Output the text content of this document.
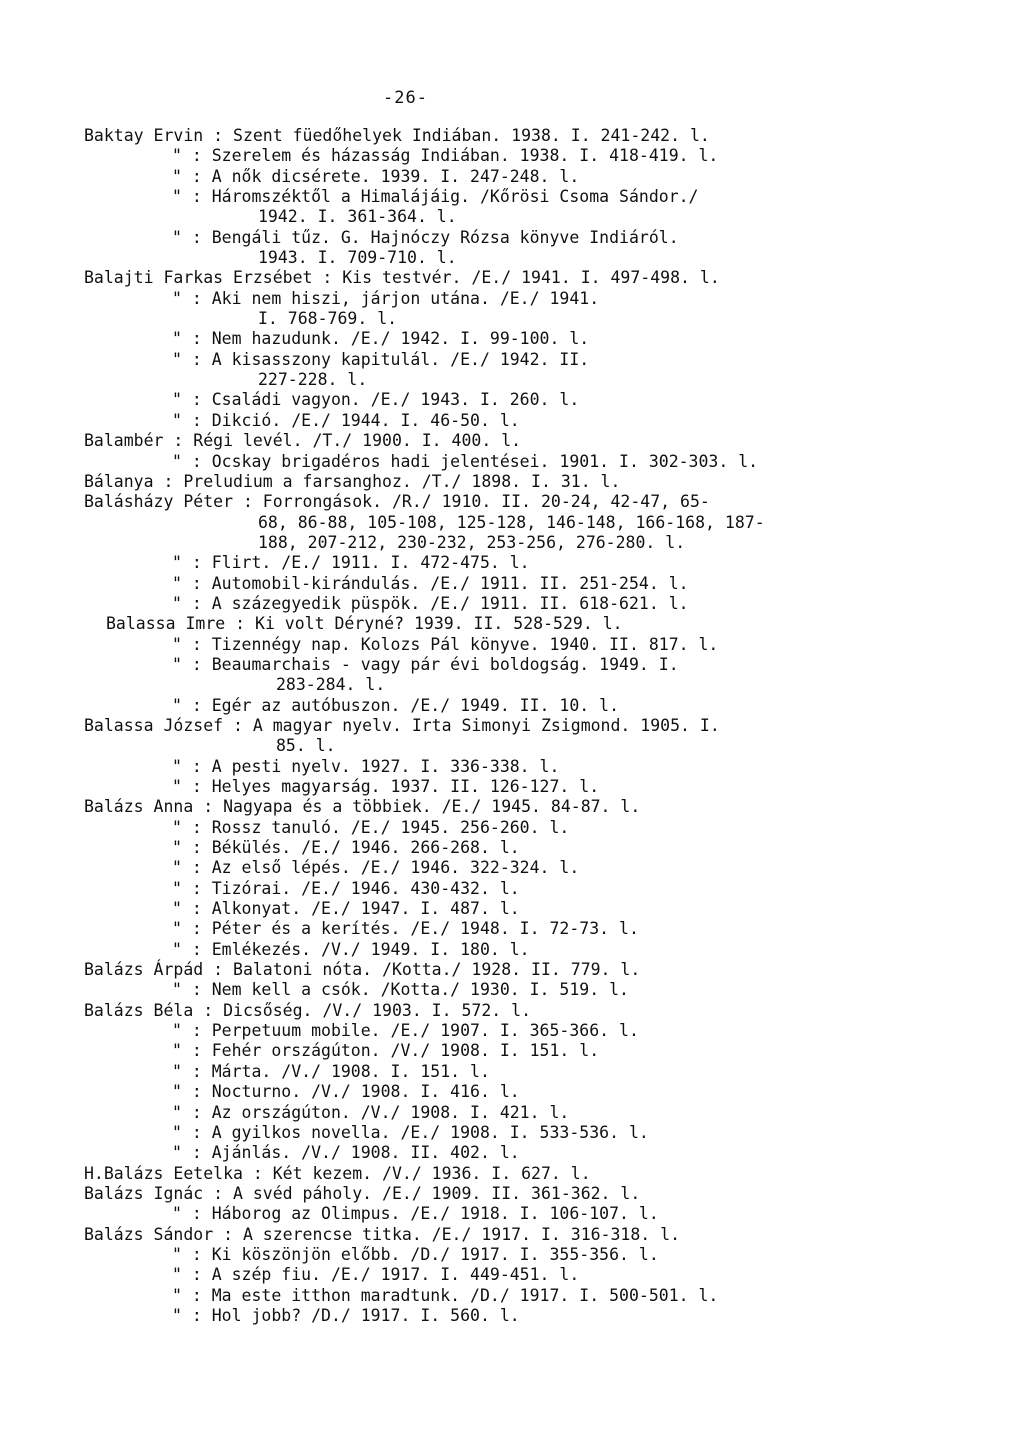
-26-
Baktay Ervin : Szent füedőhelyek Indiában. 1938. I. 241-242. l.
" : Szerelem és házasság Indiában. 1938. I. 418-419. l.
" : A nők dicsérete. 1939. I. 247-248. l.
" : Háromszéktől a Himalájáig. /Kőrösi Csoma Sándor./
1942. I. 361-364. l.
" : Bengáli tűz. G. Hajnóczy Rózsa könyve Indiáról.
1943. I. 709-710. l.
Balajti Farkas Erzsébet : Kis testvér. /E./ 1941. I. 497-498. l.
" : Aki nem hiszi, járjon utána. /E./ 1941.
I. 768-769. l.
" : Nem hazudunk. /E./ 1942. I. 99-100. l.
" : A kisasszony kapitulál. /E./ 1942. II.
227-228. l.
" : Családi vagyon. /E./ 1943. I. 260. l.
" : Dikció. /E./ 1944. I. 46-50. l.
Balambér : Régi levél. /T./ 1900. I. 400. l.
" : Ocskay brigadéros hadi jelentései. 1901. I. 302-303. l.
Bálanya : Preludium a farsanghoz. /T./ 1898. I. 31. l.
Balásházy Péter : Forrongások. /R./ 1910. II. 20-24, 42-47, 65-
68, 86-88, 105-108, 125-128, 146-148, 166-168, 187-
188, 207-212, 230-232, 253-256, 276-280. l.
" : Flirt. /E./ 1911. I. 472-475. l.
" : Automobil-kirándulás. /E./ 1911. II. 251-254. l.
" : A százegyedik püspök. /E./ 1911. II. 618-621. l.
Balassa Imre : Ki volt Déryné? 1939. II. 528-529. l.
" : Tizennégy nap. Kolozs Pál könyve. 1940. II. 817. l.
" : Beaumarchais - vagy pár évi boldogság. 1949. I.
283-284. l.
" : Egér az autóbuszon. /E./ 1949. II. 10. l.
Balassa József : A magyar nyelv. Irta Simonyi Zsigmond. 1905. I.
85. l.
" : A pesti nyelv. 1927. I. 336-338. l.
" : Helyes magyarság. 1937. II. 126-127. l.
Balázs Anna : Nagyapa és a többiek. /E./ 1945. 84-87. l.
" : Rossz tanuló. /E./ 1945. 256-260. l.
" : Békülés. /E./ 1946. 266-268. l.
" : Az első lépés. /E./ 1946. 322-324. l.
" : Tizórai. /E./ 1946. 430-432. l.
" : Alkonyat. /E./ 1947. I. 487. l.
" : Péter és a kerítés. /E./ 1948. I. 72-73. l.
" : Emlékezés. /V./ 1949. I. 180. l.
Balázs Árpád : Balatoni nóta. /Kotta./ 1928. II. 779. l.
" : Nem kell a csók. /Kotta./ 1930. I. 519. l.
Balázs Béla : Dicsőség. /V./ 1903. I. 572. l.
" : Perpetuum mobile. /E./ 1907. I. 365-366. l.
" : Fehér országúton. /V./ 1908. I. 151. l.
" : Márta. /V./ 1908. I. 151. l.
" : Nocturno. /V./ 1908. I. 416. l.
" : Az országúton. /V./ 1908. I. 421. l.
" : A gyilkos novella. /E./ 1908. I. 533-536. l.
" : Ajánlás. /V./ 1908. II. 402. l.
H.Balázs Eetelka : Két kezem. /V./ 1936. I. 627. l.
Balázs Ignác : A svéd páholy. /E./ 1909. II. 361-362. l.
" : Háborog az Olimpus. /E./ 1918. I. 106-107. l.
Balázs Sándor : A szerencse titka. /E./ 1917. I. 316-318. l.
" : Ki köszönjön előbb. /D./ 1917. I. 355-356. l.
" : A szép fiu. /E./ 1917. I. 449-451. l.
" : Ma este itthon maradtunk. /D./ 1917. I. 500-501. l.
" : Hol jobb? /D./ 1917. I. 560. l.
